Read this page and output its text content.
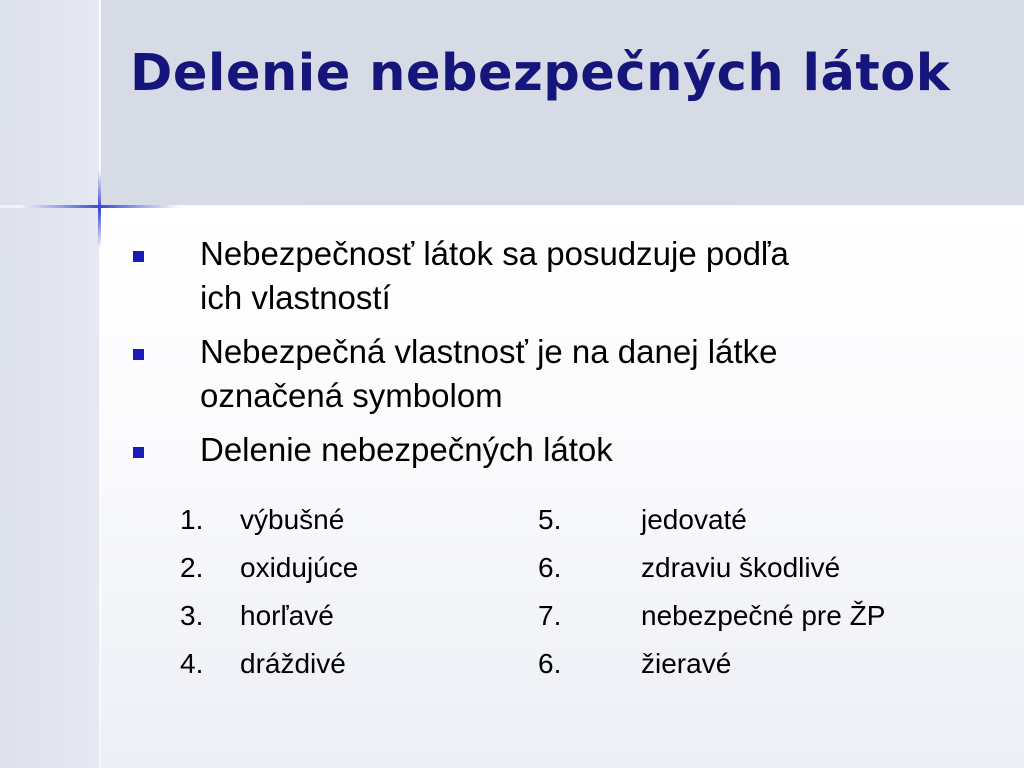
Delenie nebezpečných látok
Nebezpečnosť látok sa posudzuje podľa
ich vlastností
Nebezpečná vlastnosť je na danej látke
označená symbolom
Delenie nebezpečných látok
1. výbušné
2. oxidujúce
3. horľavé
4. dráždivé
5.	jedovaté
6.	zdraviu škodlivé
7.	nebezpečné pre ŽP
6.	žieravé
